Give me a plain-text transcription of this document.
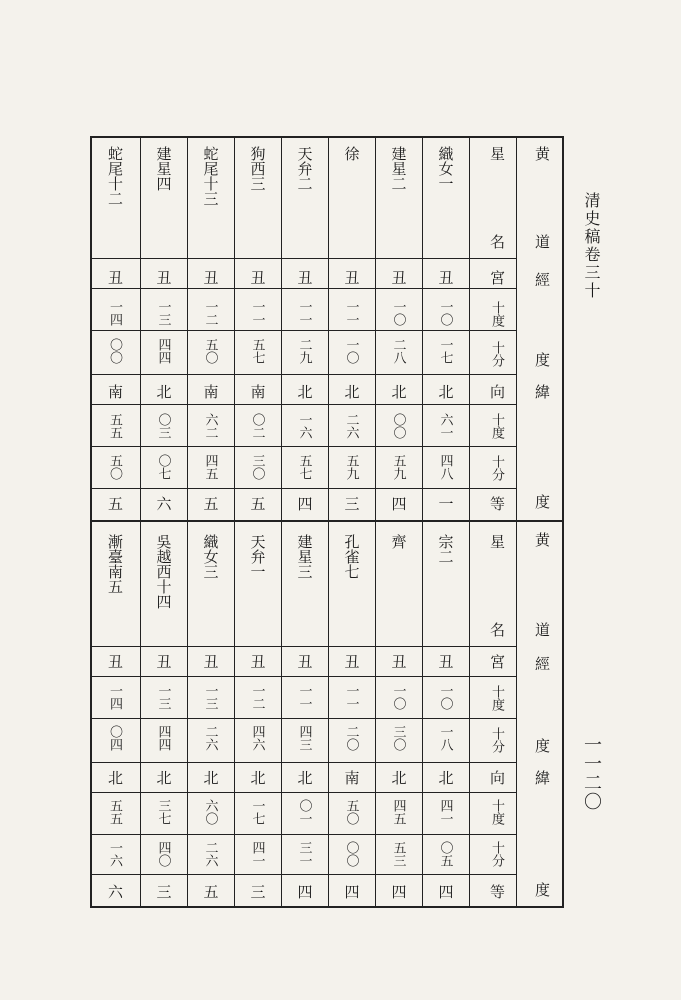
清史稿卷三十
一一二〇
黄
道
經
度
緯
度
黄
道
經
度
緯
度
星
名
宮
十度
十分
向
十度
十分
等
星
名
宮
十度
十分
向
十度
十分
等
織女一
丑
一〇
一七
北
六一
四八
一
建星二
丑
一〇
二八
北
〇〇
五九
四
徐
丑
一一
一〇
北
二六
五九
三
天弁二
丑
一一
二九
北
一六
五七
四
狗西三
丑
一一
五七
南
〇二
三〇
五
蛇尾十三
丑
一二
五〇
南
六二
四五
五
建星四
丑
一三
四四
北
〇三
〇七
六
蛇尾十二
丑
一四
〇〇
南
五五
五〇
五
宗二
丑
一〇
一八
北
四一
〇五
四
齊
丑
一〇
三〇
北
四五
五三
四
孔雀七
丑
一一
二〇
南
五〇
〇〇
四
建星三
丑
一一
四三
北
〇一
三一
四
天弁一
丑
一二
四六
北
一七
四一
三
織女三
丑
一三
二六
北
六〇
二六
五
吳越西十四
丑
一三
四四
北
三七
四〇
三
漸臺南五
丑
一四
〇四
北
五五
一六
六
